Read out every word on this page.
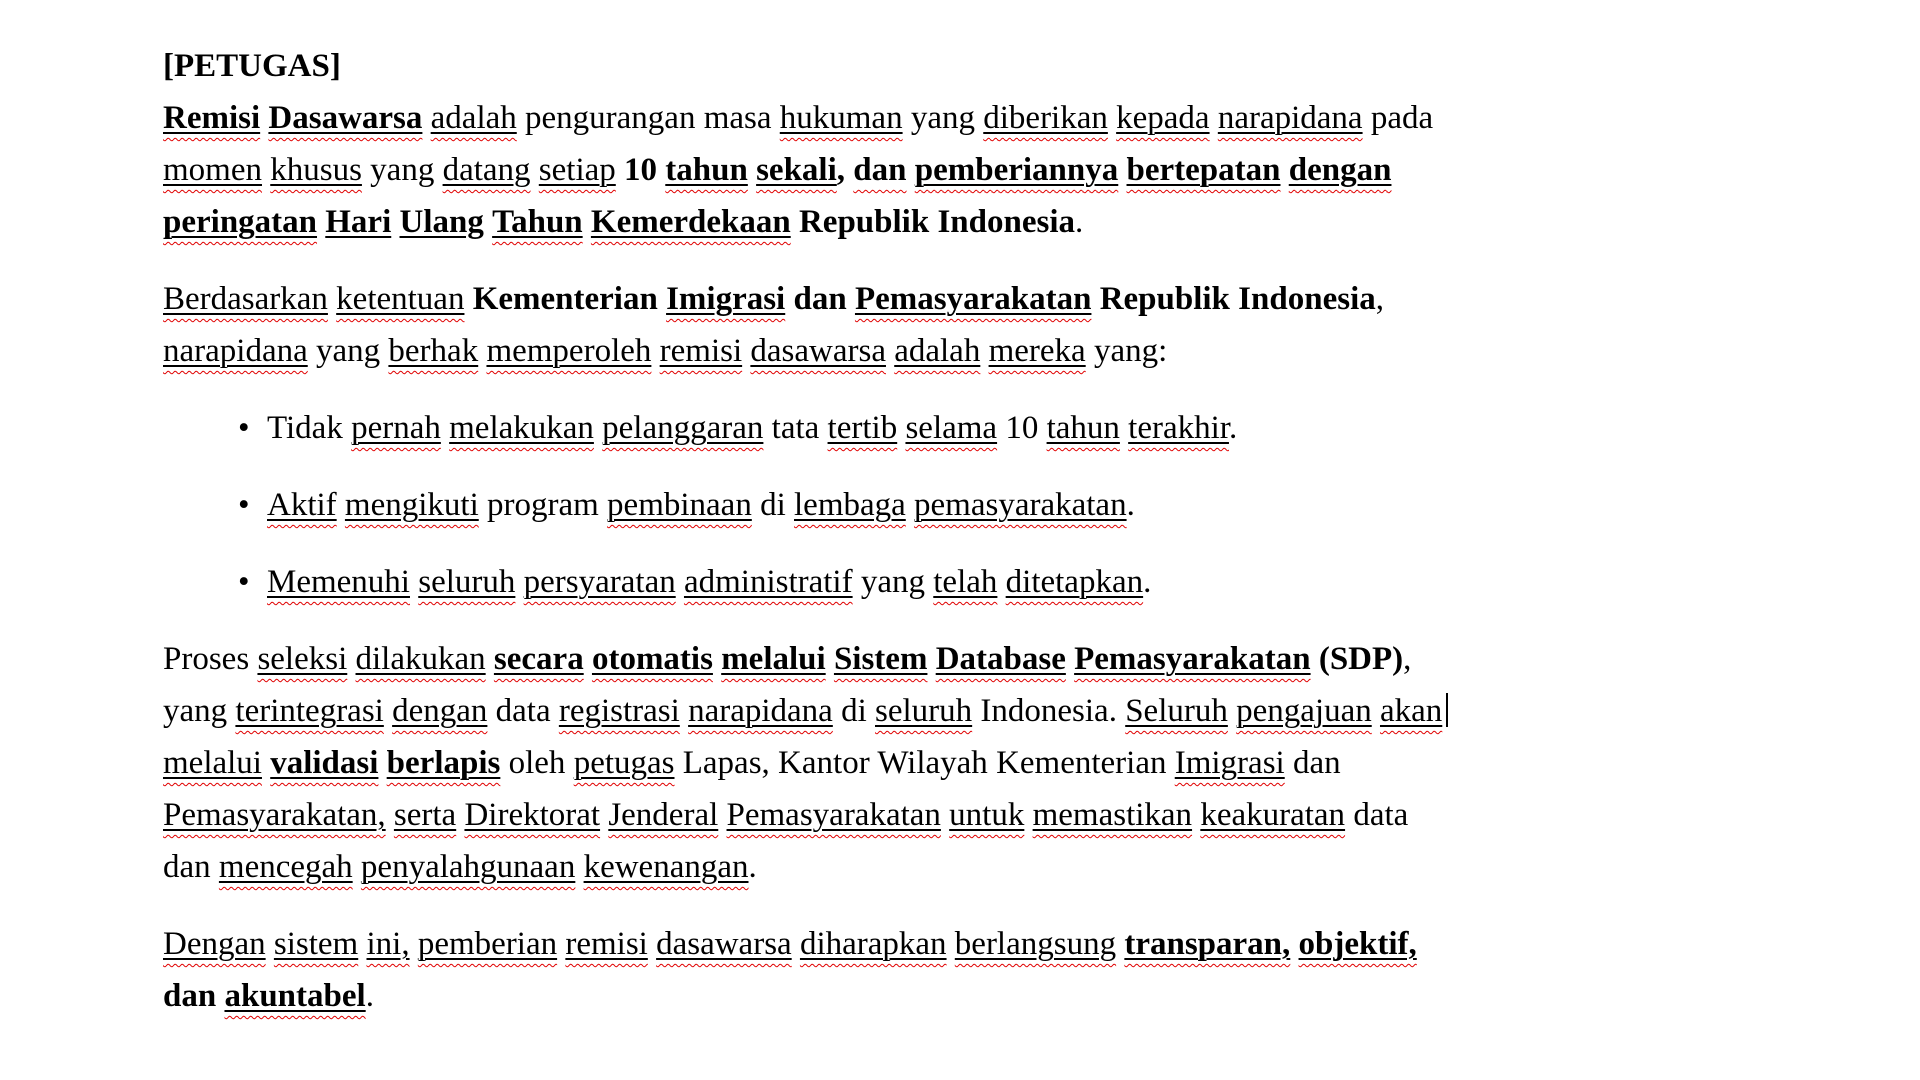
[PETUGAS]
Remisi Dasawarsa adalah pengurangan masa hukuman yang diberikan kepada narapidana pada
momen khusus yang datang setiap 10 tahun sekali, dan pemberiannya bertepatan dengan
peringatan Hari Ulang Tahun Kemerdekaan Republik Indonesia.
Berdasarkan ketentuan Kementerian Imigrasi dan Pemasyarakatan Republik Indonesia,
narapidana yang berhak memperoleh remisi dasawarsa adalah mereka yang:
• Tidak pernah melakukan pelanggaran tata tertib selama 10 tahun terakhir.
• Aktif mengikuti program pembinaan di lembaga pemasyarakatan.
• Memenuhi seluruh persyaratan administratif yang telah ditetapkan.
Proses seleksi dilakukan secara otomatis melalui Sistem Database Pemasyarakatan (SDP),
yang terintegrasi dengan data registrasi narapidana di seluruh Indonesia. Seluruh pengajuan akan
melalui validasi berlapis oleh petugas Lapas, Kantor Wilayah Kementerian Imigrasi dan
Pemasyarakatan, serta Direktorat Jenderal Pemasyarakatan untuk memastikan keakuratan data
dan mencegah penyalahgunaan kewenangan.
Dengan sistem ini, pemberian remisi dasawarsa diharapkan berlangsung transparan, objektif,
dan akuntabel.
